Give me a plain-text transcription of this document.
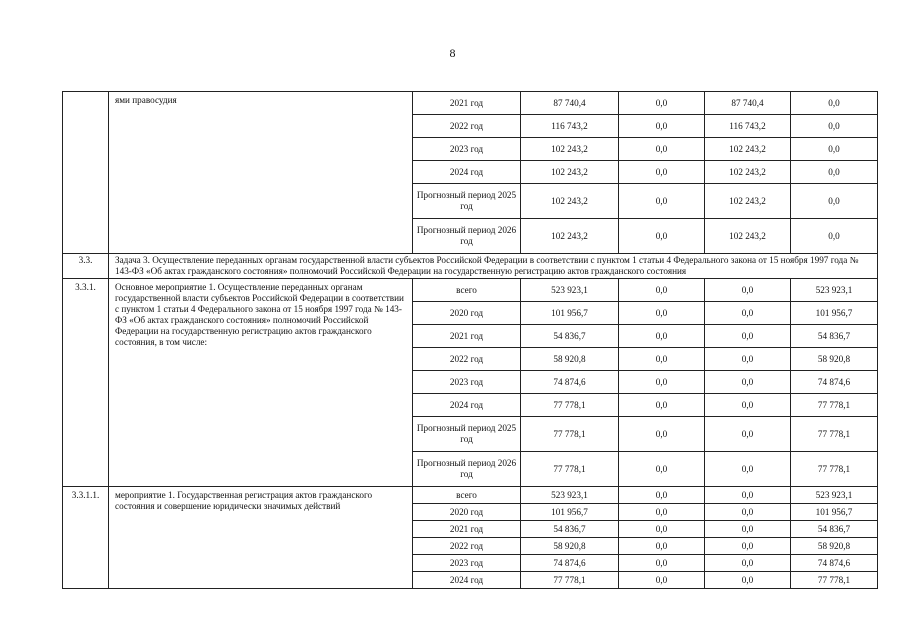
8
	ями правосудия	2021 год	87 740,4	0,0	87 740,4	0,0
		2022 год	116 743,2	0,0	116 743,2	0,0
		2023 год	102 243,2	0,0	102 243,2	0,0
		2024 год	102 243,2	0,0	102 243,2	0,0
		Прогнозный период 2025 год	102 243,2	0,0	102 243,2	0,0
		Прогнозный период 2026 год	102 243,2	0,0	102 243,2	0,0
3.3.	Задача 3. Осуществление переданных органам государственной власти субъектов Российской Федерации в соответствии с пунктом 1 статьи 4 Федерального закона от 15 ноября 1997 года № 143-ФЗ «Об актах гражданского состояния» полномочий Российской Федерации на государственную регистрацию актов гражданского состояния					
3.3.1.	Основное мероприятие 1. Осуществление переданных органам государственной власти субъектов Российской Федерации в соответствии с пунктом 1 статьи 4 Федерального закона от 15 ноября 1997 года № 143-ФЗ «Об актах гражданского состояния» полномочий Российской Федерации на государственную регистрацию актов гражданского состояния, в том числе:	всего	523 923,1	0,0	0,0	523 923,1
		2020 год	101 956,7	0,0	0,0	101 956,7
		2021 год	54 836,7	0,0	0,0	54 836,7
		2022 год	58 920,8	0,0	0,0	58 920,8
		2023 год	74 874,6	0,0	0,0	74 874,6
		2024 год	77 778,1	0,0	0,0	77 778,1
		Прогнозный период 2025 год	77 778,1	0,0	0,0	77 778,1
		Прогнозный период 2026 год	77 778,1	0,0	0,0	77 778,1
3.3.1.1.	мероприятие 1. Государственная регистрация актов гражданского состояния и совершение юридически значимых действий	всего	523 923,1	0,0	0,0	523 923,1
		2020 год	101 956,7	0,0	0,0	101 956,7
		2021 год	54 836,7	0,0	0,0	54 836,7
		2022 год	58 920,8	0,0	0,0	58 920,8
		2023 год	74 874,6	0,0	0,0	74 874,6
		2024 год	77 778,1	0,0	0,0	77 778,1
